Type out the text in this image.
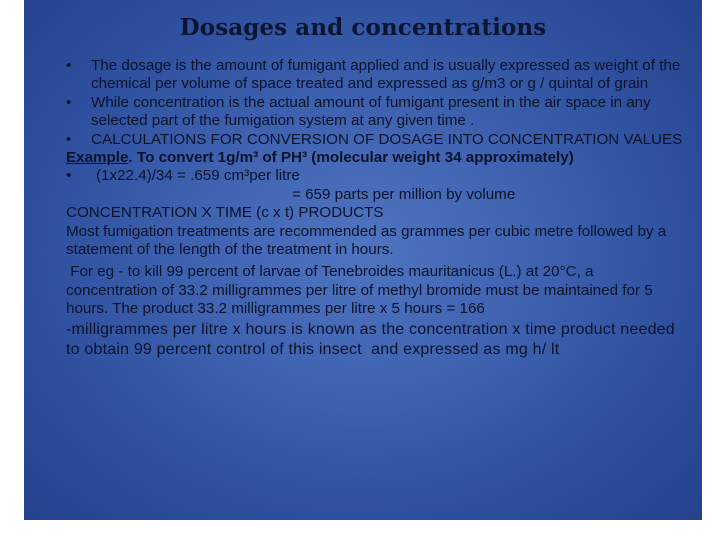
Dosages and concentrations
• The dosage is the amount of fumigant applied and is usually expressed as weight of the chemical per volume of space treated and expressed as g/m3 or g / quintal of grain
• While concentration is the actual amount of fumigant present in the air space in any selected part of the fumigation system at any given time .
• CALCULATIONS FOR CONVERSION OF DOSAGE INTO CONCENTRATION VALUES
Example. To convert 1g/m³ of PH³ (molecular weight 34 approximately)
• (1x22.4)/34 = .659 cm³per litre
= 659 parts per million by volume
CONCENTRATION X TIME (c x t) PRODUCTS
Most fumigation treatments are recommended as grammes per cubic metre followed by a statement of the length of the treatment in hours.
For eg - to kill 99 percent of larvae of Tenebroides mauritanicus (L.) at 20°C, a concentration of 33.2 milligrammes per litre of methyl bromide must be maintained for 5 hours. The product 33.2 milligrammes per litre x 5 hours = 166
-milligrammes per litre x hours is known as the concentration x time product needed to obtain 99 percent control of this insect  and expressed as mg h/ lt
